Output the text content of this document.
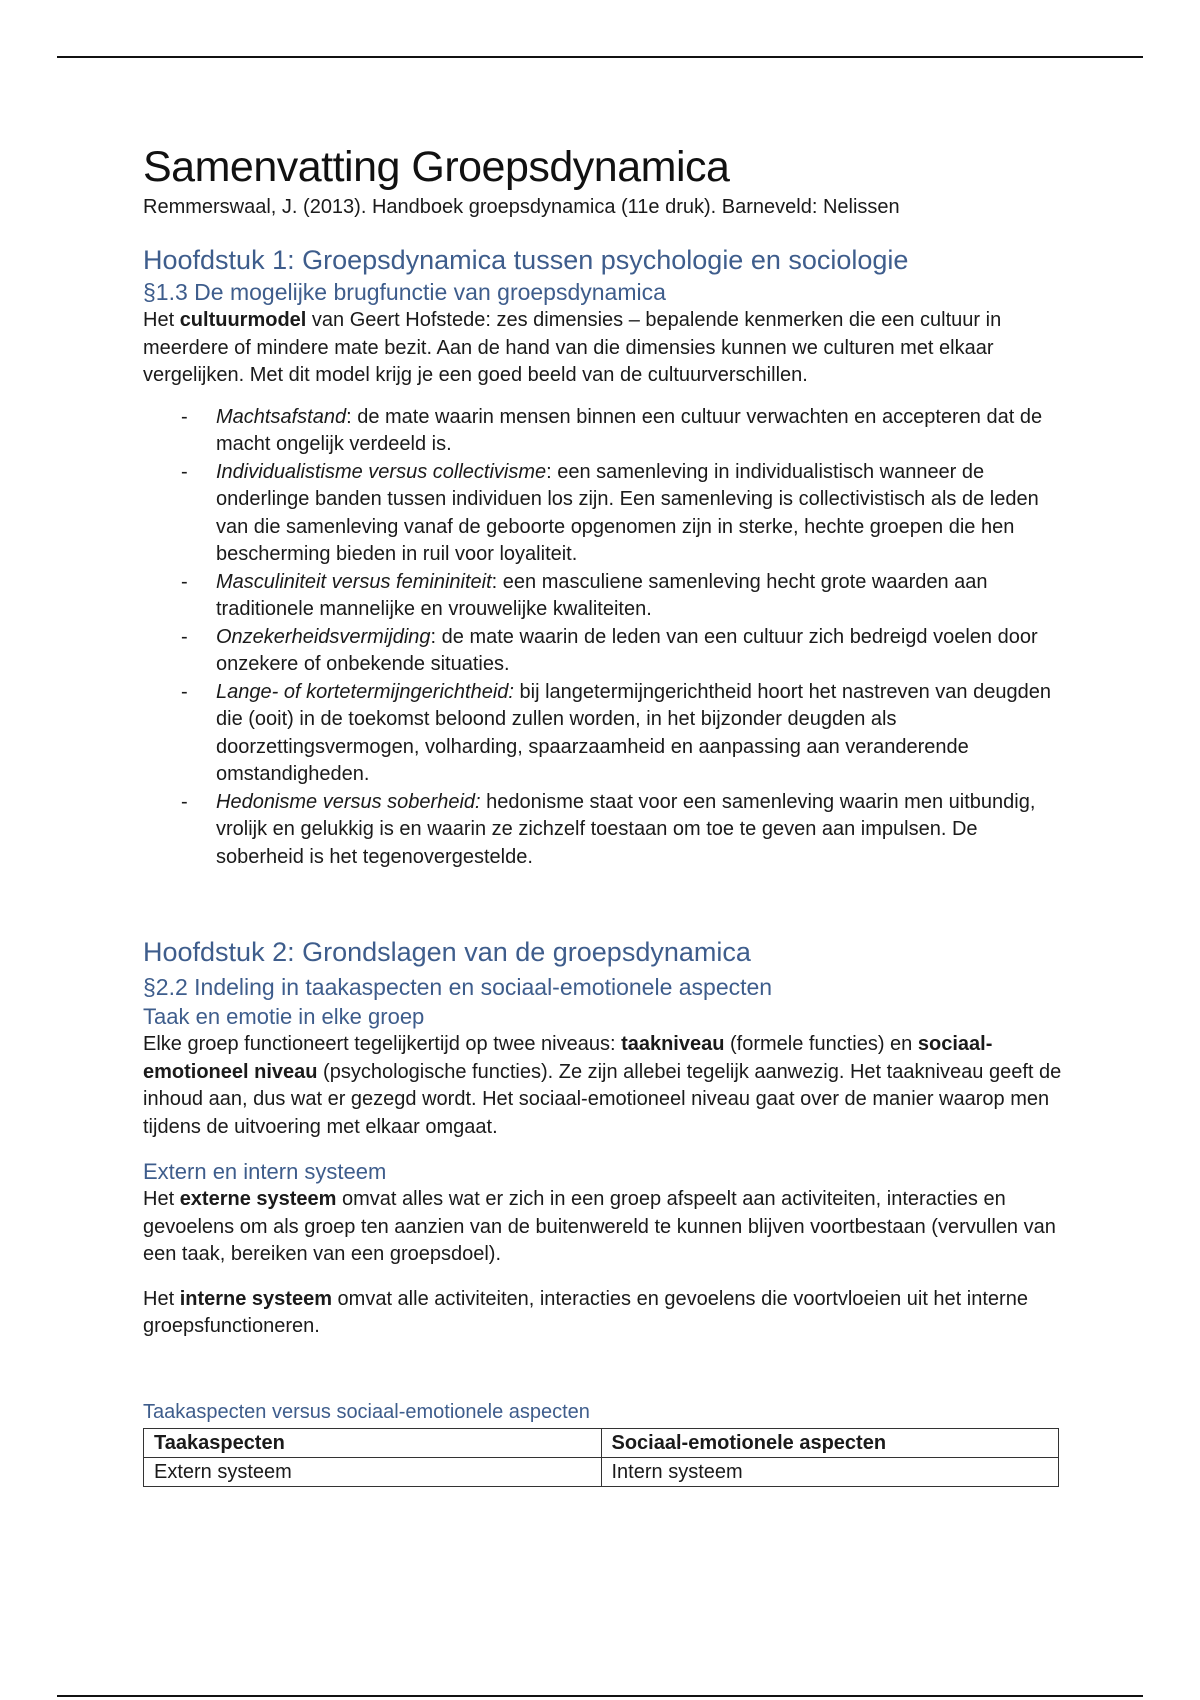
Samenvatting Groepsdynamica
Remmerswaal, J. (2013). Handboek groepsdynamica (11e druk). Barneveld: Nelissen
Hoofdstuk 1: Groepsdynamica tussen psychologie en sociologie
§1.3 De mogelijke brugfunctie van groepsdynamica

Het cultuurmodel van Geert Hofstede: zes dimensies – bepalende kenmerken die een cultuur in meerdere of mindere mate bezit. Aan de hand van die dimensies kunnen we culturen met elkaar vergelijken. Met dit model krijg je een goed beeld van de cultuurverschillen.

- Machtsafstand: de mate waarin mensen binnen een cultuur verwachten en accepteren dat de macht ongelijk verdeeld is.
- Individualistisme versus collectivisme: een samenleving in individualistisch wanneer de onderlinge banden tussen individuen los zijn. Een samenleving is collectivistisch als de leden van die samenleving vanaf de geboorte opgenomen zijn in sterke, hechte groepen die hen bescherming bieden in ruil voor loyaliteit.
- Masculiniteit versus femininiteit: een masculiene samenleving hecht grote waarden aan traditionele mannelijke en vrouwelijke kwaliteiten.
- Onzekerheidsvermijding: de mate waarin de leden van een cultuur zich bedreigd voelen door onzekere of onbekende situaties.
- Lange- of kortetermijngerichtheid: bij langetermijngerichtheid hoort het nastreven van deugden die (ooit) in de toekomst beloond zullen worden, in het bijzonder deugden als doorzettingsvermogen, volharding, spaarzaamheid en aanpassing aan veranderende omstandigheden.
- Hedonisme versus soberheid: hedonisme staat voor een samenleving waarin men uitbundig, vrolijk en gelukkig is en waarin ze zichzelf toestaan om toe te geven aan impulsen. De soberheid is het tegenovergestelde.
Hoofdstuk 2: Grondslagen van de groepsdynamica
§2.2 Indeling in taakaspecten en sociaal-emotionele aspecten
Taak en emotie in elke groep

Elke groep functioneert tegelijkertijd op twee niveaus: taakniveau (formele functies) en sociaal-emotioneel niveau (psychologische functies). Ze zijn allebei tegelijk aanwezig. Het taakniveau geeft de inhoud aan, dus wat er gezegd wordt. Het sociaal-emotioneel niveau gaat over de manier waarop men tijdens de uitvoering met elkaar omgaat.

Extern en intern systeem

Het externe systeem omvat alles wat er zich in een groep afspeelt aan activiteiten, interacties en gevoelens om als groep ten aanzien van de buitenwereld te kunnen blijven voortbestaan (vervullen van een taak, bereiken van een groepsdoel).

Het interne systeem omvat alle activiteiten, interacties en gevoelens die voortvloeien uit het interne groepsfunctioneren.

Taakaspecten versus sociaal-emotionele aspecten
Taakaspecten	Sociaal-emotionele aspecten
Extern systeem	Intern systeem
